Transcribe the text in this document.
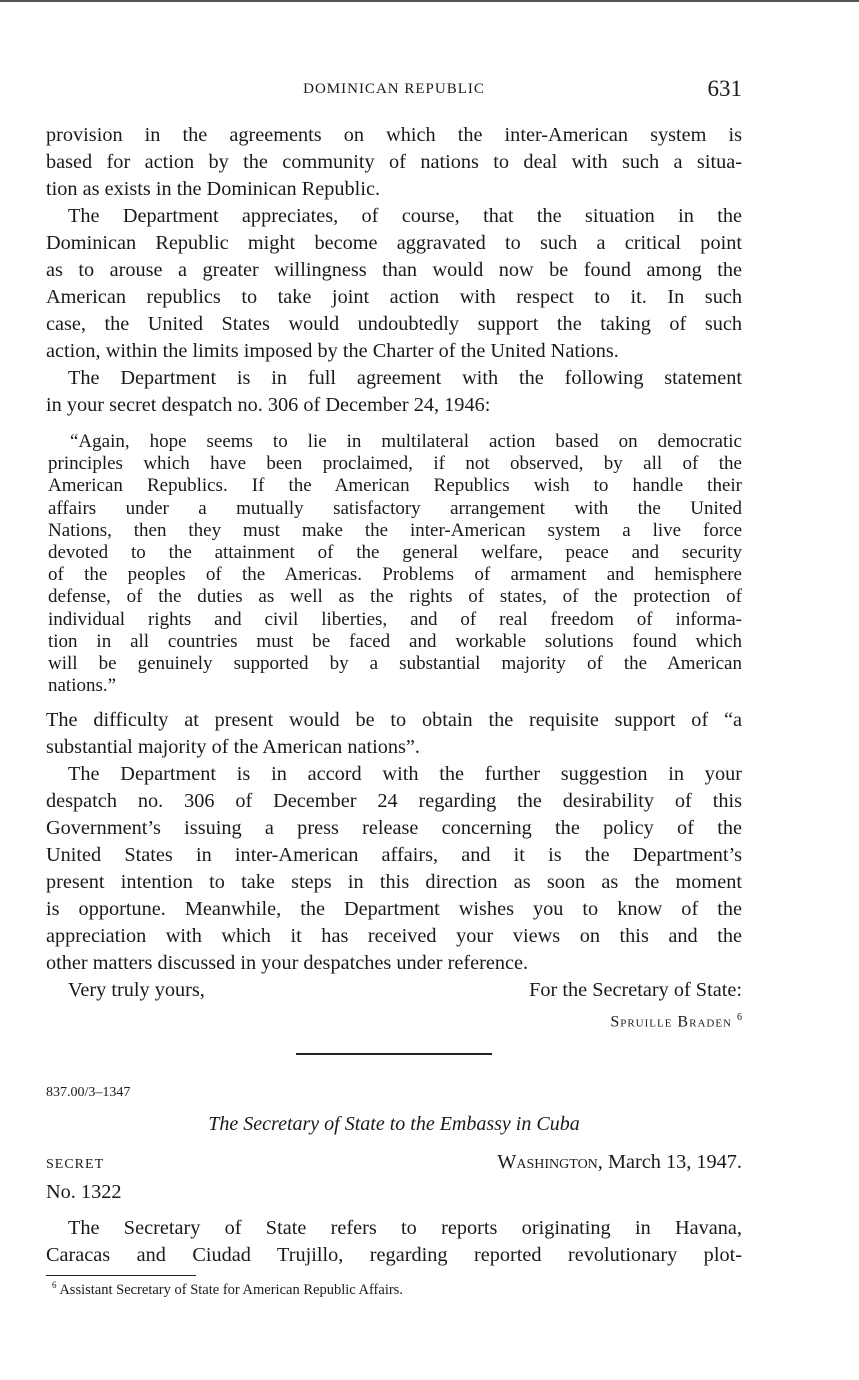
DOMINICAN REPUBLIC	631

provision in the agreements on which the inter-American system is
based for action by the community of nations to deal with such a situa-
tion as exists in the Dominican Republic.

The Department appreciates, of course, that the situation in the
Dominican Republic might become aggravated to such a critical point
as to arouse a greater willingness than would now be found among the
American republics to take joint action with respect to it. In such
case, the United States would undoubtedly support the taking of such
action, within the limits imposed by the Charter of the United Nations.

The Department is in full agreement with the following statement
in your secret despatch no. 306 of December 24, 1946:

“Again, hope seems to lie in multilateral action based on democratic
principles which have been proclaimed, if not observed, by all of the
American Republics. If the American Republics wish to handle their
affairs under a mutually satisfactory arrangement with the United
Nations, then they must make the inter-American system a live force
devoted to the attainment of the general welfare, peace and security
of the peoples of the Americas. Problems of armament and hemisphere
defense, of the duties as well as the rights of states, of the protection of
individual rights and civil liberties, and of real freedom of informa-
tion in all countries must be faced and workable solutions found which
will be genuinely supported by a substantial majority of the American
nations.”

The difficulty at present would be to obtain the requisite support of “a
substantial majority of the American nations”.

The Department is in accord with the further suggestion in your
despatch no. 306 of December 24 regarding the desirability of this
Government’s issuing a press release concerning the policy of the
United States in inter-American affairs, and it is the Department’s
present intention to take steps in this direction as soon as the moment
is opportune. Meanwhile, the Department wishes you to know of the
appreciation with which it has received your views on this and the
other matters discussed in your despatches under reference.

Very truly yours,	For the Secretary of State:
Spruille Braden $^6$
837.00/3–1347
The Secretary of State to the Embassy in Cuba
SECRET	Washington, March 13, 1947.
No. 1322

The Secretary of State refers to reports originating in Havana,
Caracas and Ciudad Trujillo, regarding reported revolutionary plot-

$^6$ Assistant Secretary of State for American Republic Affairs.
